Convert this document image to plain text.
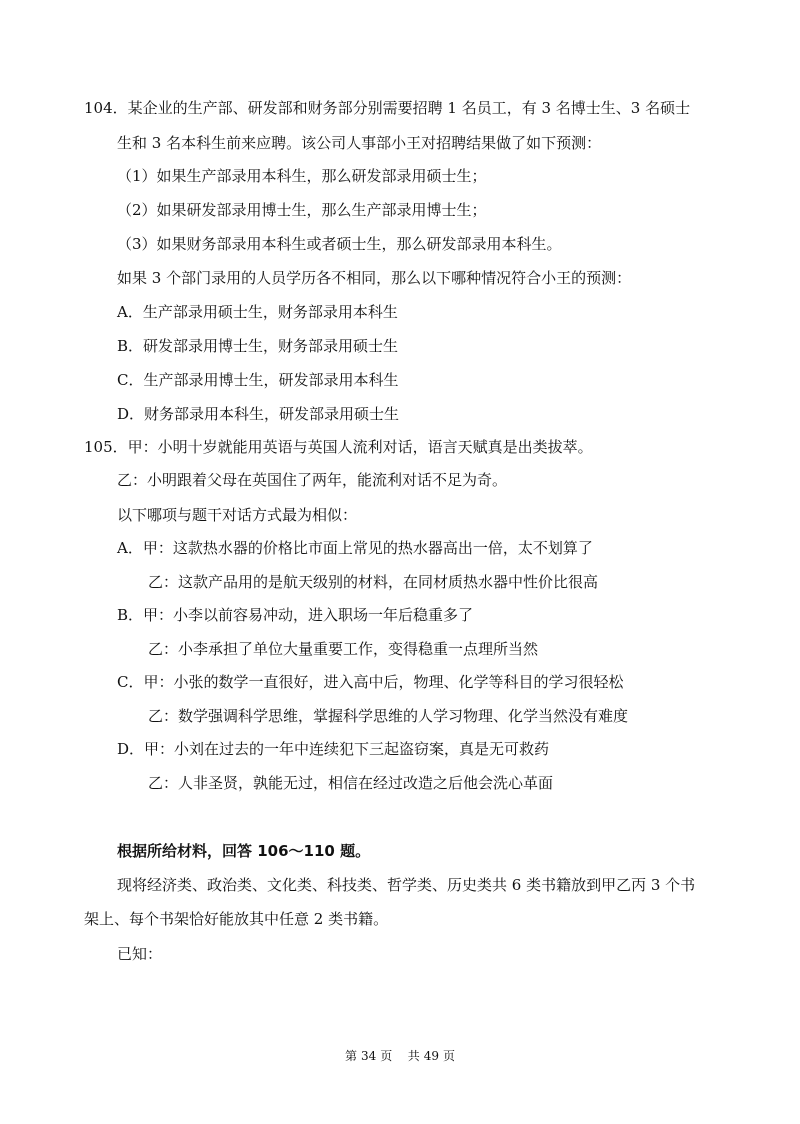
104．某企业的生产部、研发部和财务部分别需要招聘 1 名员工，有 3 名博士生、3 名硕士
生和 3 名本科生前来应聘。该公司人事部小王对招聘结果做了如下预测：
（1）如果生产部录用本科生，那么研发部录用硕士生；
（2）如果研发部录用博士生，那么生产部录用博士生；
（3）如果财务部录用本科生或者硕士生，那么研发部录用本科生。
如果 3 个部门录用的人员学历各不相同，那么以下哪种情况符合小王的预测：
A．生产部录用硕士生，财务部录用本科生
B．研发部录用博士生，财务部录用硕士生
C．生产部录用博士生，研发部录用本科生
D．财务部录用本科生，研发部录用硕士生
105．甲：小明十岁就能用英语与英国人流利对话，语言天赋真是出类拔萃。
乙：小明跟着父母在英国住了两年，能流利对话不足为奇。
以下哪项与题干对话方式最为相似：
A．甲：这款热水器的价格比市面上常见的热水器高出一倍，太不划算了
乙：这款产品用的是航天级别的材料，在同材质热水器中性价比很高
B．甲：小李以前容易冲动，进入职场一年后稳重多了
乙：小李承担了单位大量重要工作，变得稳重一点理所当然
C．甲：小张的数学一直很好，进入高中后，物理、化学等科目的学习很轻松
乙：数学强调科学思维，掌握科学思维的人学习物理、化学当然没有难度
D．甲：小刘在过去的一年中连续犯下三起盗窃案，真是无可救药
乙：人非圣贤，孰能无过，相信在经过改造之后他会洗心革面
根据所给材料，回答 106～110 题。
现将经济类、政治类、文化类、科技类、哲学类、历史类共 6 类书籍放到甲乙丙 3 个书
架上、每个书架恰好能放其中任意 2 类书籍。
已知：
第 34 页 共 49 页
